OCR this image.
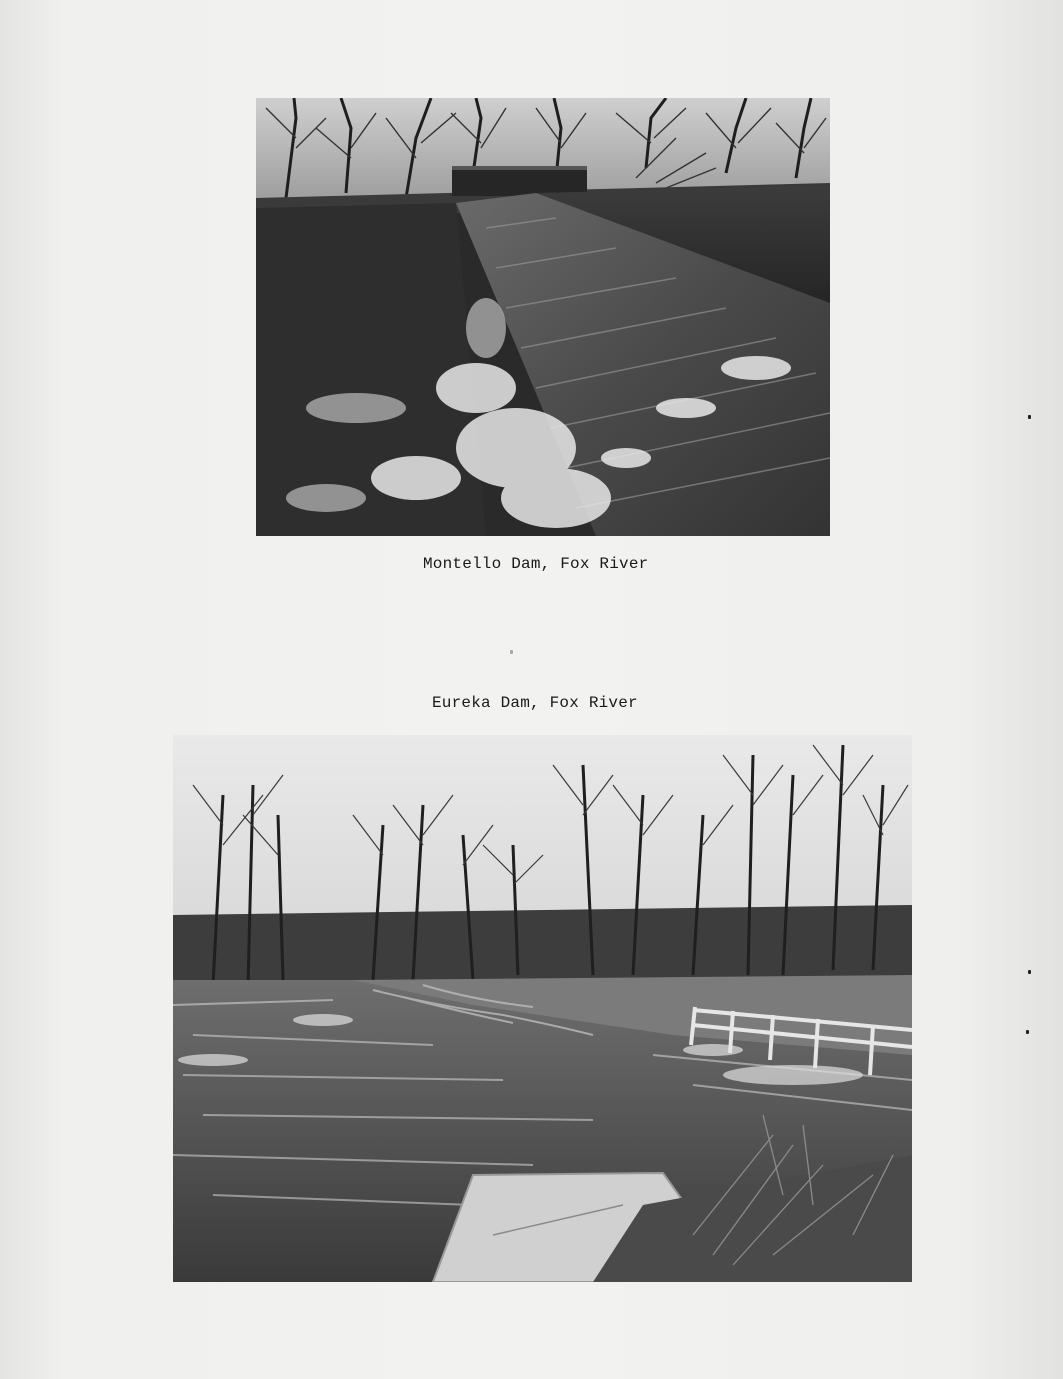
Montello Dam, Fox River
Eureka Dam, Fox River
